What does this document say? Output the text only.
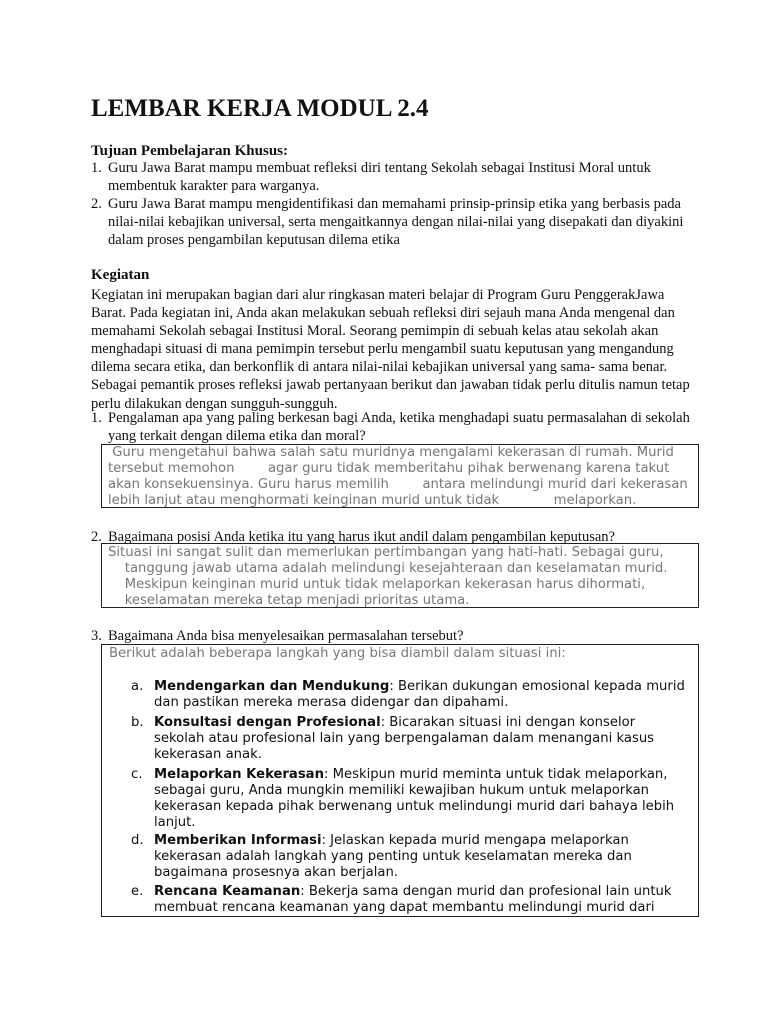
LEMBAR KERJA MODUL 2.4
Tujuan Pembelajaran Khusus:
1. Guru Jawa Barat mampu membuat refleksi diri tentang Sekolah sebagai Institusi Moral untuk membentuk karakter para warganya.
2. Guru Jawa Barat mampu mengidentifikasi dan memahami prinsip-prinsip etika yang berbasis pada nilai-nilai kebajikan universal, serta mengaitkannya dengan nilai-nilai yang disepakati dan diyakini dalam proses pengambilan keputusan dilema etika
Kegiatan
Kegiatan ini merupakan bagian dari alur ringkasan materi belajar di Program Guru PenggerakJawa Barat. Pada kegiatan ini, Anda akan melakukan sebuah refleksi diri sejauh mana Anda mengenal dan memahami Sekolah sebagai Institusi Moral. Seorang pemimpin di sebuah kelas atau sekolah akan menghadapi situasi di mana pemimpin tersebut perlu mengambil suatu keputusan yang mengandung dilema secara etika, dan berkonflik di antara nilai-nilai kebajikan universal yang sama- sama benar. Sebagai pemantik proses refleksi jawab pertanyaan berikut dan jawaban tidak perlu ditulis namun tetap perlu dilakukan dengan sungguh-sungguh.
1. Pengalaman apa yang paling berkesan bagi Anda, ketika menghadapi suatu permasalahan di sekolah yang terkait dengan dilema etika dan moral?
Guru mengetahui bahwa salah satu muridnya mengalami kekerasan di rumah. Murid
tersebut memohon        agar guru tidak memberitahu pihak berwenang karena takut
akan konsekuensinya. Guru harus memilih        antara melindungi murid dari kekerasan
lebih lanjut atau menghormati keinginan murid untuk tidak             melaporkan.
2. Bagaimana posisi Anda ketika itu yang harus ikut andil dalam pengambilan keputusan?
Situasi ini sangat sulit dan memerlukan pertimbangan yang hati-hati. Sebagai guru,
tanggung jawab utama adalah melindungi kesejahteraan dan keselamatan murid.
Meskipun keinginan murid untuk tidak melaporkan kekerasan harus dihormati,
keselamatan mereka tetap menjadi prioritas utama.
3. Bagaimana Anda bisa menyelesaikan permasalahan tersebut?
Berikut adalah beberapa langkah yang bisa diambil dalam situasi ini:
a. Mendengarkan dan Mendukung: Berikan dukungan emosional kepada murid dan pastikan mereka merasa didengar dan dipahami.
b. Konsultasi dengan Profesional: Bicarakan situasi ini dengan konselor sekolah atau profesional lain yang berpengalaman dalam menangani kasus kekerasan anak.
c. Melaporkan Kekerasan: Meskipun murid meminta untuk tidak melaporkan, sebagai guru, Anda mungkin memiliki kewajiban hukum untuk melaporkan kekerasan kepada pihak berwenang untuk melindungi murid dari bahaya lebih lanjut.
d. Memberikan Informasi: Jelaskan kepada murid mengapa melaporkan kekerasan adalah langkah yang penting untuk keselamatan mereka dan bagaimana prosesnya akan berjalan.
e. Rencana Keamanan: Bekerja sama dengan murid dan profesional lain untuk membuat rencana keamanan yang dapat membantu melindungi murid dari
